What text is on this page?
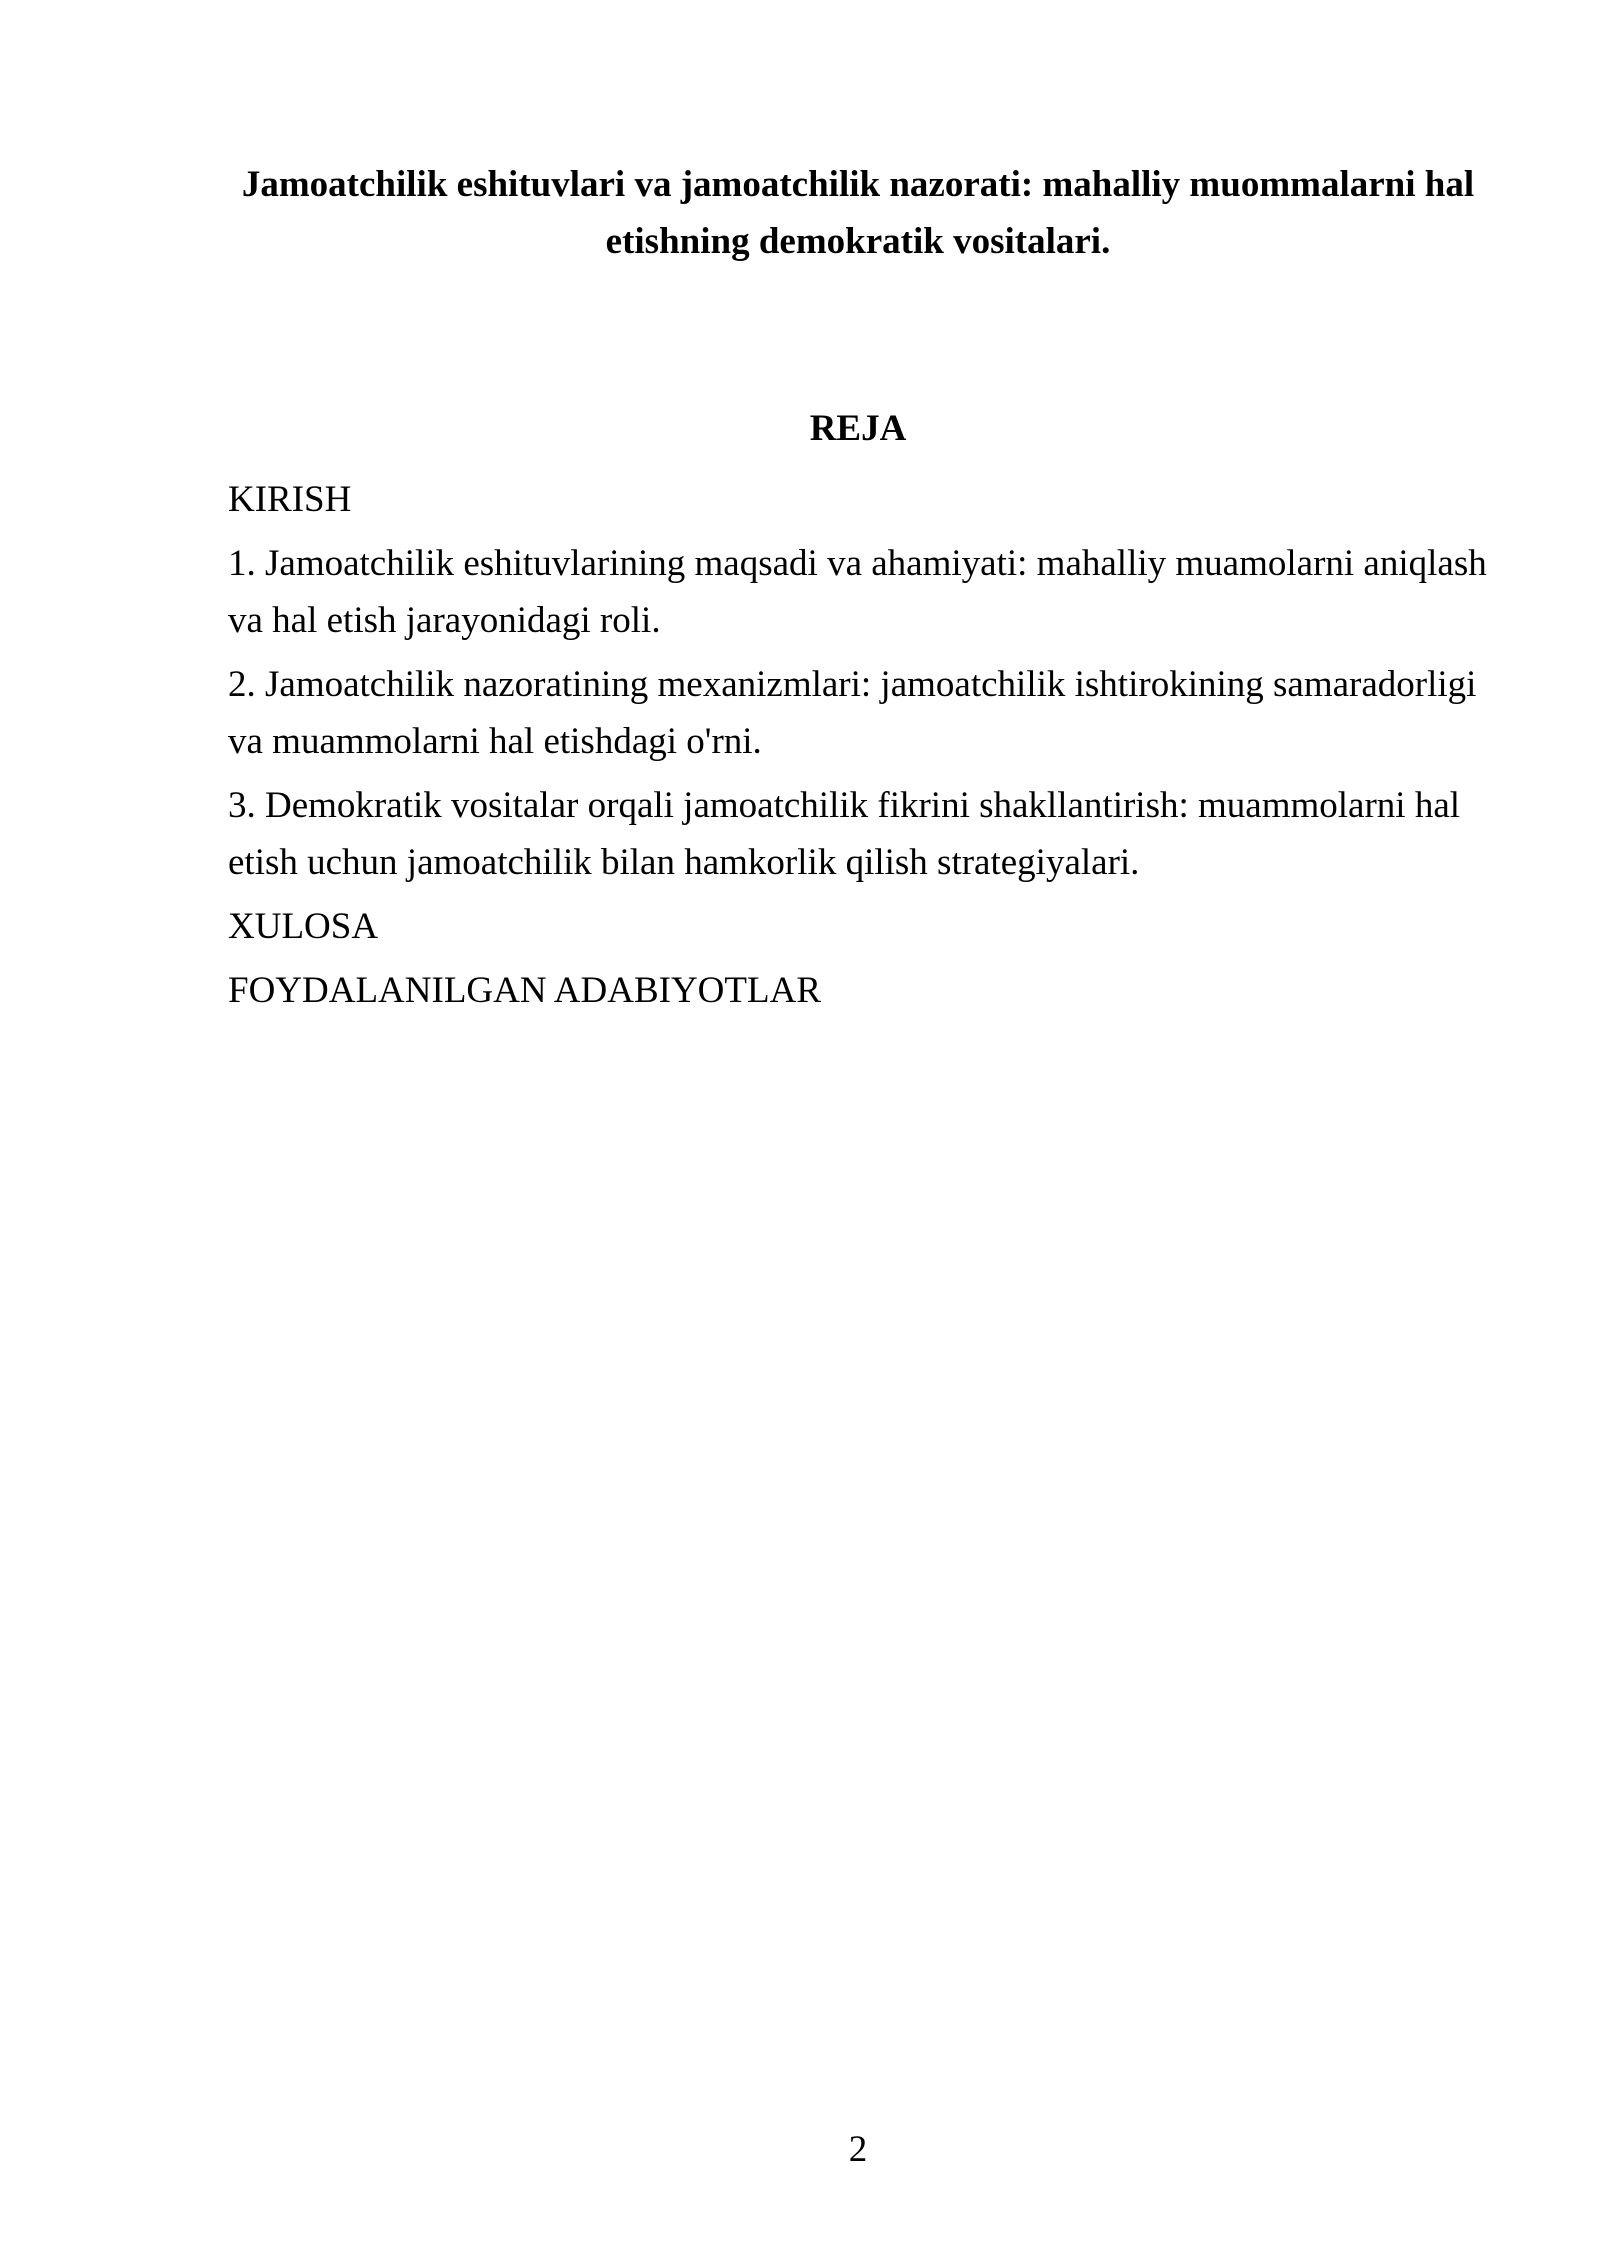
Jamoatchilik eshituvlari va jamoatchilik nazorati: mahalliy muommalarni hal etishning demokratik vositalari.
REJA
KIRISH
1. Jamoatchilik eshituvlarining maqsadi va ahamiyati: mahalliy muamolarni aniqlash va hal etish jarayonidagi roli.
2. Jamoatchilik nazoratining mexanizmlari: jamoatchilik ishtirokining samaradorligi va muammolarni hal etishdagi o'rni.
3. Demokratik vositalar orqali jamoatchilik fikrini shakllantirish: muammolarni hal etish uchun jamoatchilik bilan hamkorlik qilish strategiyalari.
XULOSA
FOYDALANILGAN ADABIYOTLAR
2
